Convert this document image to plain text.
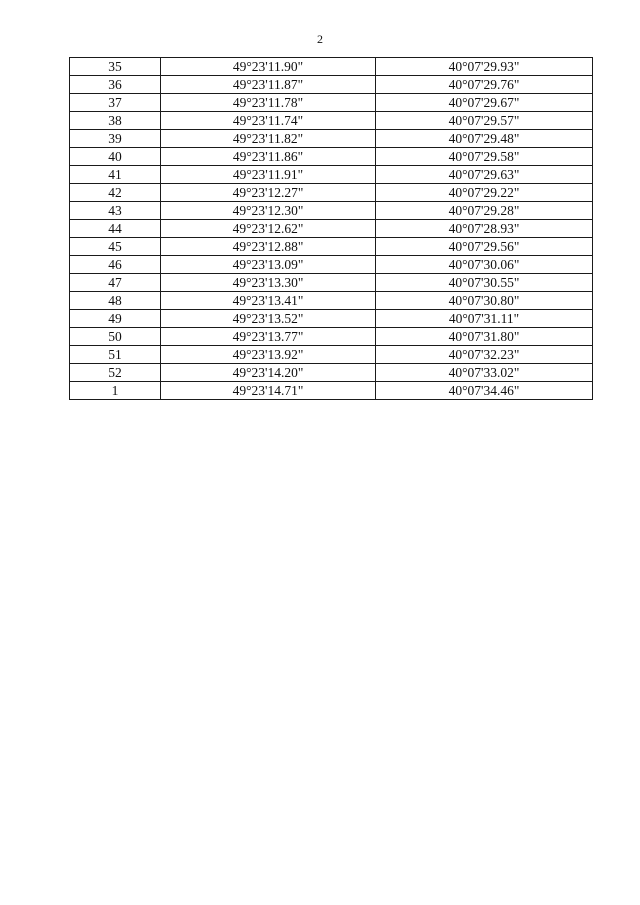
2
35	49°23'11.90"	40°07'29.93"
36	49°23'11.87"	40°07'29.76"
37	49°23'11.78"	40°07'29.67"
38	49°23'11.74"	40°07'29.57"
39	49°23'11.82"	40°07'29.48"
40	49°23'11.86"	40°07'29.58"
41	49°23'11.91"	40°07'29.63"
42	49°23'12.27"	40°07'29.22"
43	49°23'12.30"	40°07'29.28"
44	49°23'12.62"	40°07'28.93"
45	49°23'12.88"	40°07'29.56"
46	49°23'13.09"	40°07'30.06"
47	49°23'13.30"	40°07'30.55"
48	49°23'13.41"	40°07'30.80"
49	49°23'13.52"	40°07'31.11"
50	49°23'13.77"	40°07'31.80"
51	49°23'13.92"	40°07'32.23"
52	49°23'14.20"	40°07'33.02"
1	49°23'14.71"	40°07'34.46"
